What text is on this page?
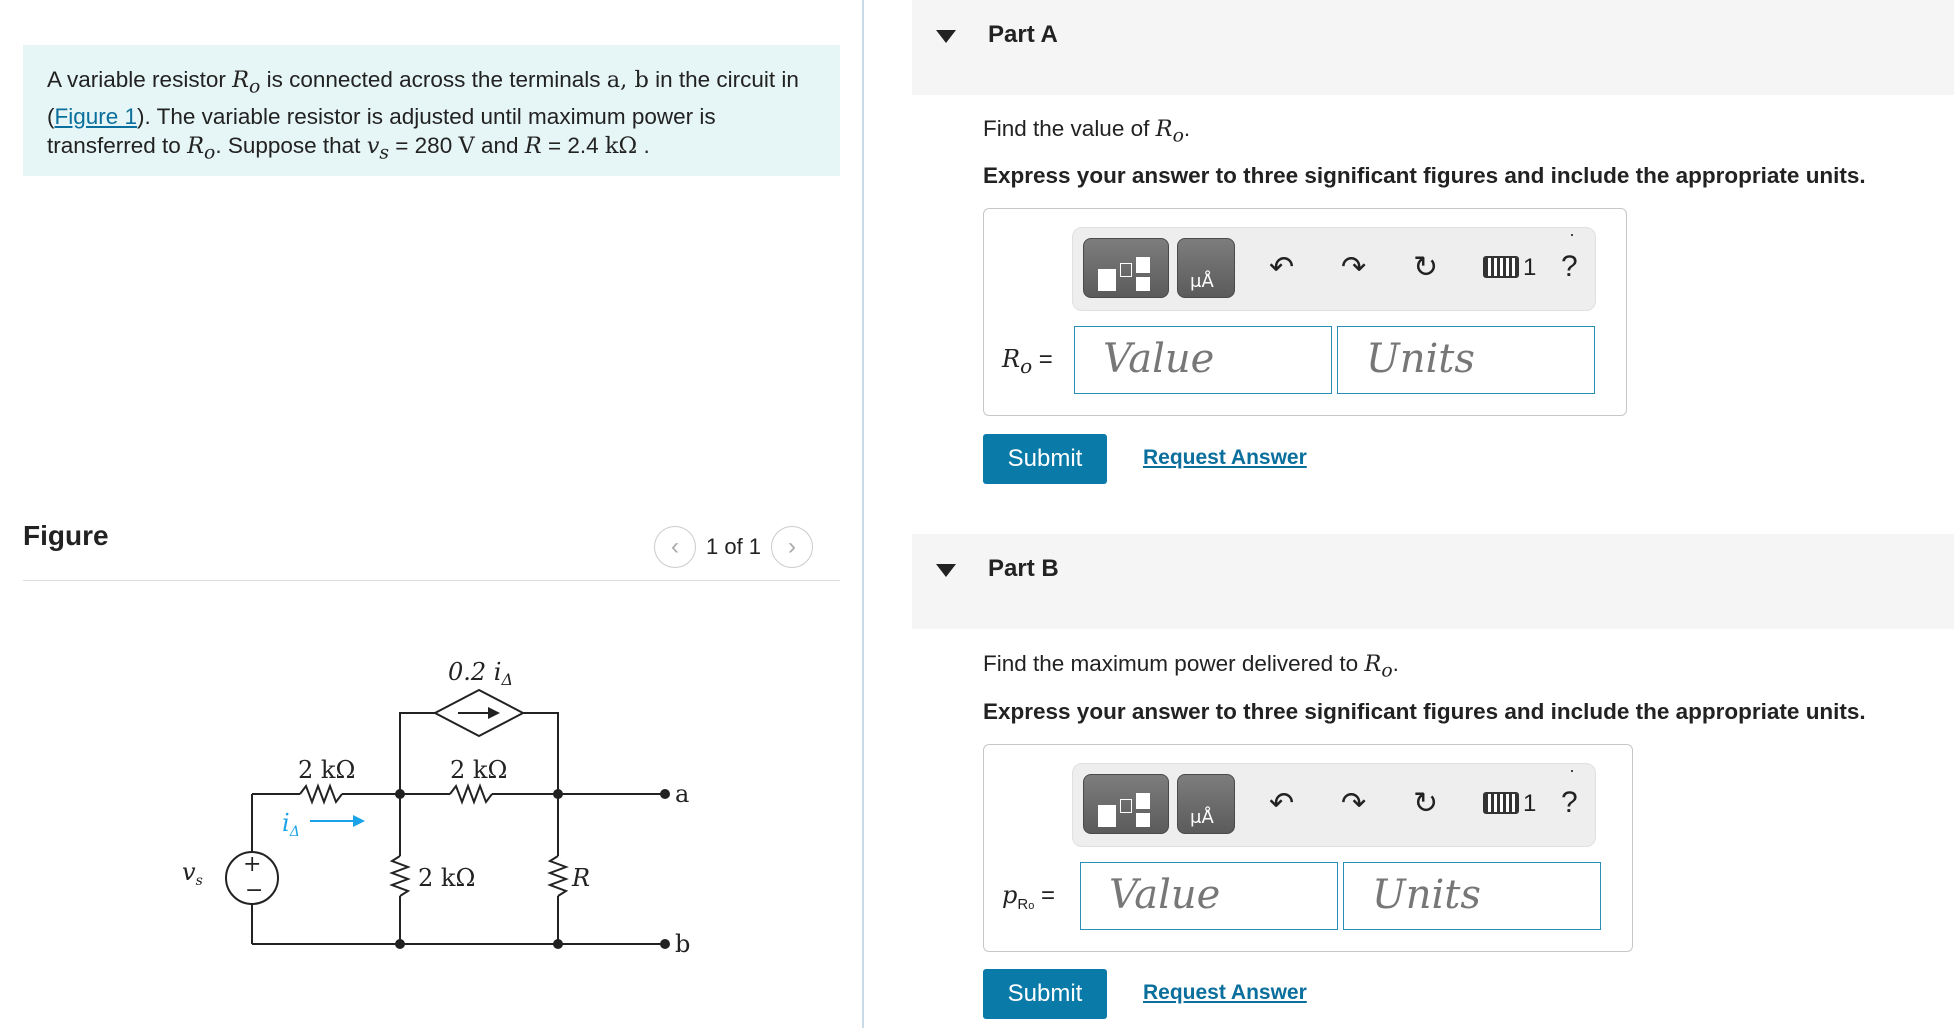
A variable resistor $R_o$ is connected across the terminals a, b in the circuit in (Figure 1). The variable resistor is adjusted until maximum power is transferred to $R_o$. Suppose that $v_s = 280$ V and R = 2.4 kΩ .
Figure	‹	1 of 1	›
0.2 $i_\Delta$
2 kΩ	2 kΩ
2 kΩ	R
$i_\Delta$
$v_s$
a
b
+
−
Part A
Find the value of $R_o$.
Express your answer to three significant figures and include the appropriate units.
μÅ ↶ ↷ ↻	1 ?
$R_o$ =	Value	Units
Submit	Request Answer
Part B
Find the maximum power delivered to $R_o$.
Express your answer to three significant figures and include the appropriate units.
μÅ ↶ ↷ ↻	1 ?
$p_{Ro}$ =	Value	Units
Submit	Request Answer
